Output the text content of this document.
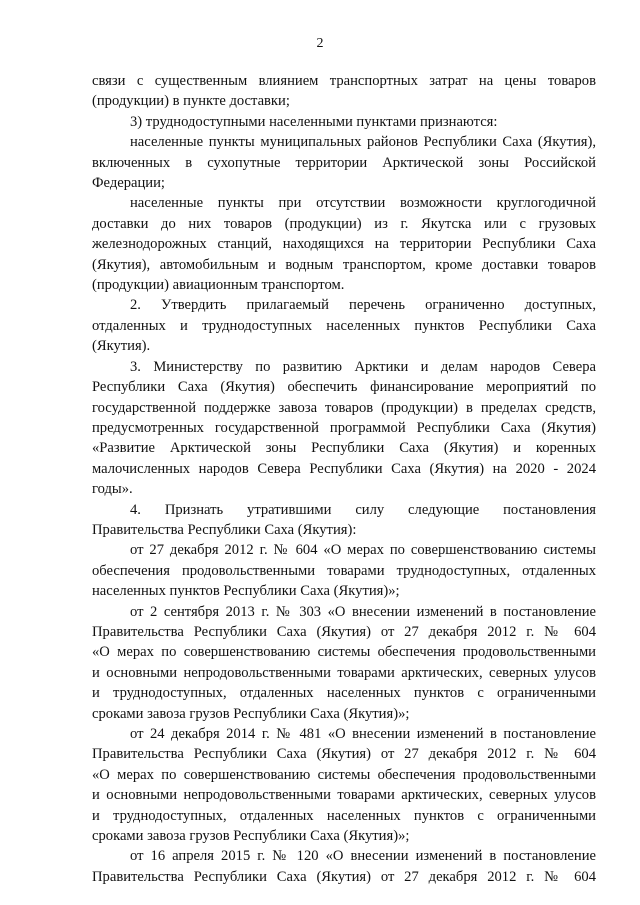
2
связи с существенным влиянием транспортных затрат на цены товаров
(продукции) в пункте доставки;
3) труднодоступными населенными пунктами признаются:
населенные пункты муниципальных районов Республики Саха (Якутия),
включенных в сухопутные территории Арктической зоны Российской
Федерации;
населенные пункты при отсутствии возможности круглогодичной
доставки до них товаров (продукции) из г. Якутска или с грузовых
железнодорожных станций, находящихся на территории Республики Саха
(Якутия), автомобильным и водным транспортом, кроме доставки товаров
(продукции) авиационным транспортом.
2. Утвердить прилагаемый перечень ограниченно доступных,
отдаленных и труднодоступных населенных пунктов Республики Саха
(Якутия).
3. Министерству по развитию Арктики и делам народов Севера
Республики Саха (Якутия) обеспечить финансирование мероприятий по
государственной поддержке завоза товаров (продукции) в пределах средств,
предусмотренных государственной программой Республики Саха (Якутия)
«Развитие Арктической зоны Республики Саха (Якутия) и коренных
малочисленных народов Севера Республики Саха (Якутия) на 2020 - 2024
годы».
4. Признать утратившими силу следующие постановления
Правительства Республики Саха (Якутия):
от 27 декабря 2012 г. № 604 «О мерах по совершенствованию системы
обеспечения продовольственными товарами труднодоступных, отдаленных
населенных пунктов Республики Саха (Якутия)»;
от 2 сентября 2013 г. № 303 «О внесении изменений в постановление
Правительства Республики Саха (Якутия) от 27 декабря 2012 г. № 604
«О мерах по совершенствованию системы обеспечения продовольственными
и основными непродовольственными товарами арктических, северных улусов
и труднодоступных, отдаленных населенных пунктов с ограниченными
сроками завоза грузов Республики Саха (Якутия)»;
от 24 декабря 2014 г. № 481 «О внесении изменений в постановление
Правительства Республики Саха (Якутия) от 27 декабря 2012 г. № 604
«О мерах по совершенствованию системы обеспечения продовольственными
и основными непродовольственными товарами арктических, северных улусов
и труднодоступных, отдаленных населенных пунктов с ограниченными
сроками завоза грузов Республики Саха (Якутия)»;
от 16 апреля 2015 г. № 120 «О внесении изменений в постановление
Правительства Республики Саха (Якутия) от 27 декабря 2012 г. № 604
